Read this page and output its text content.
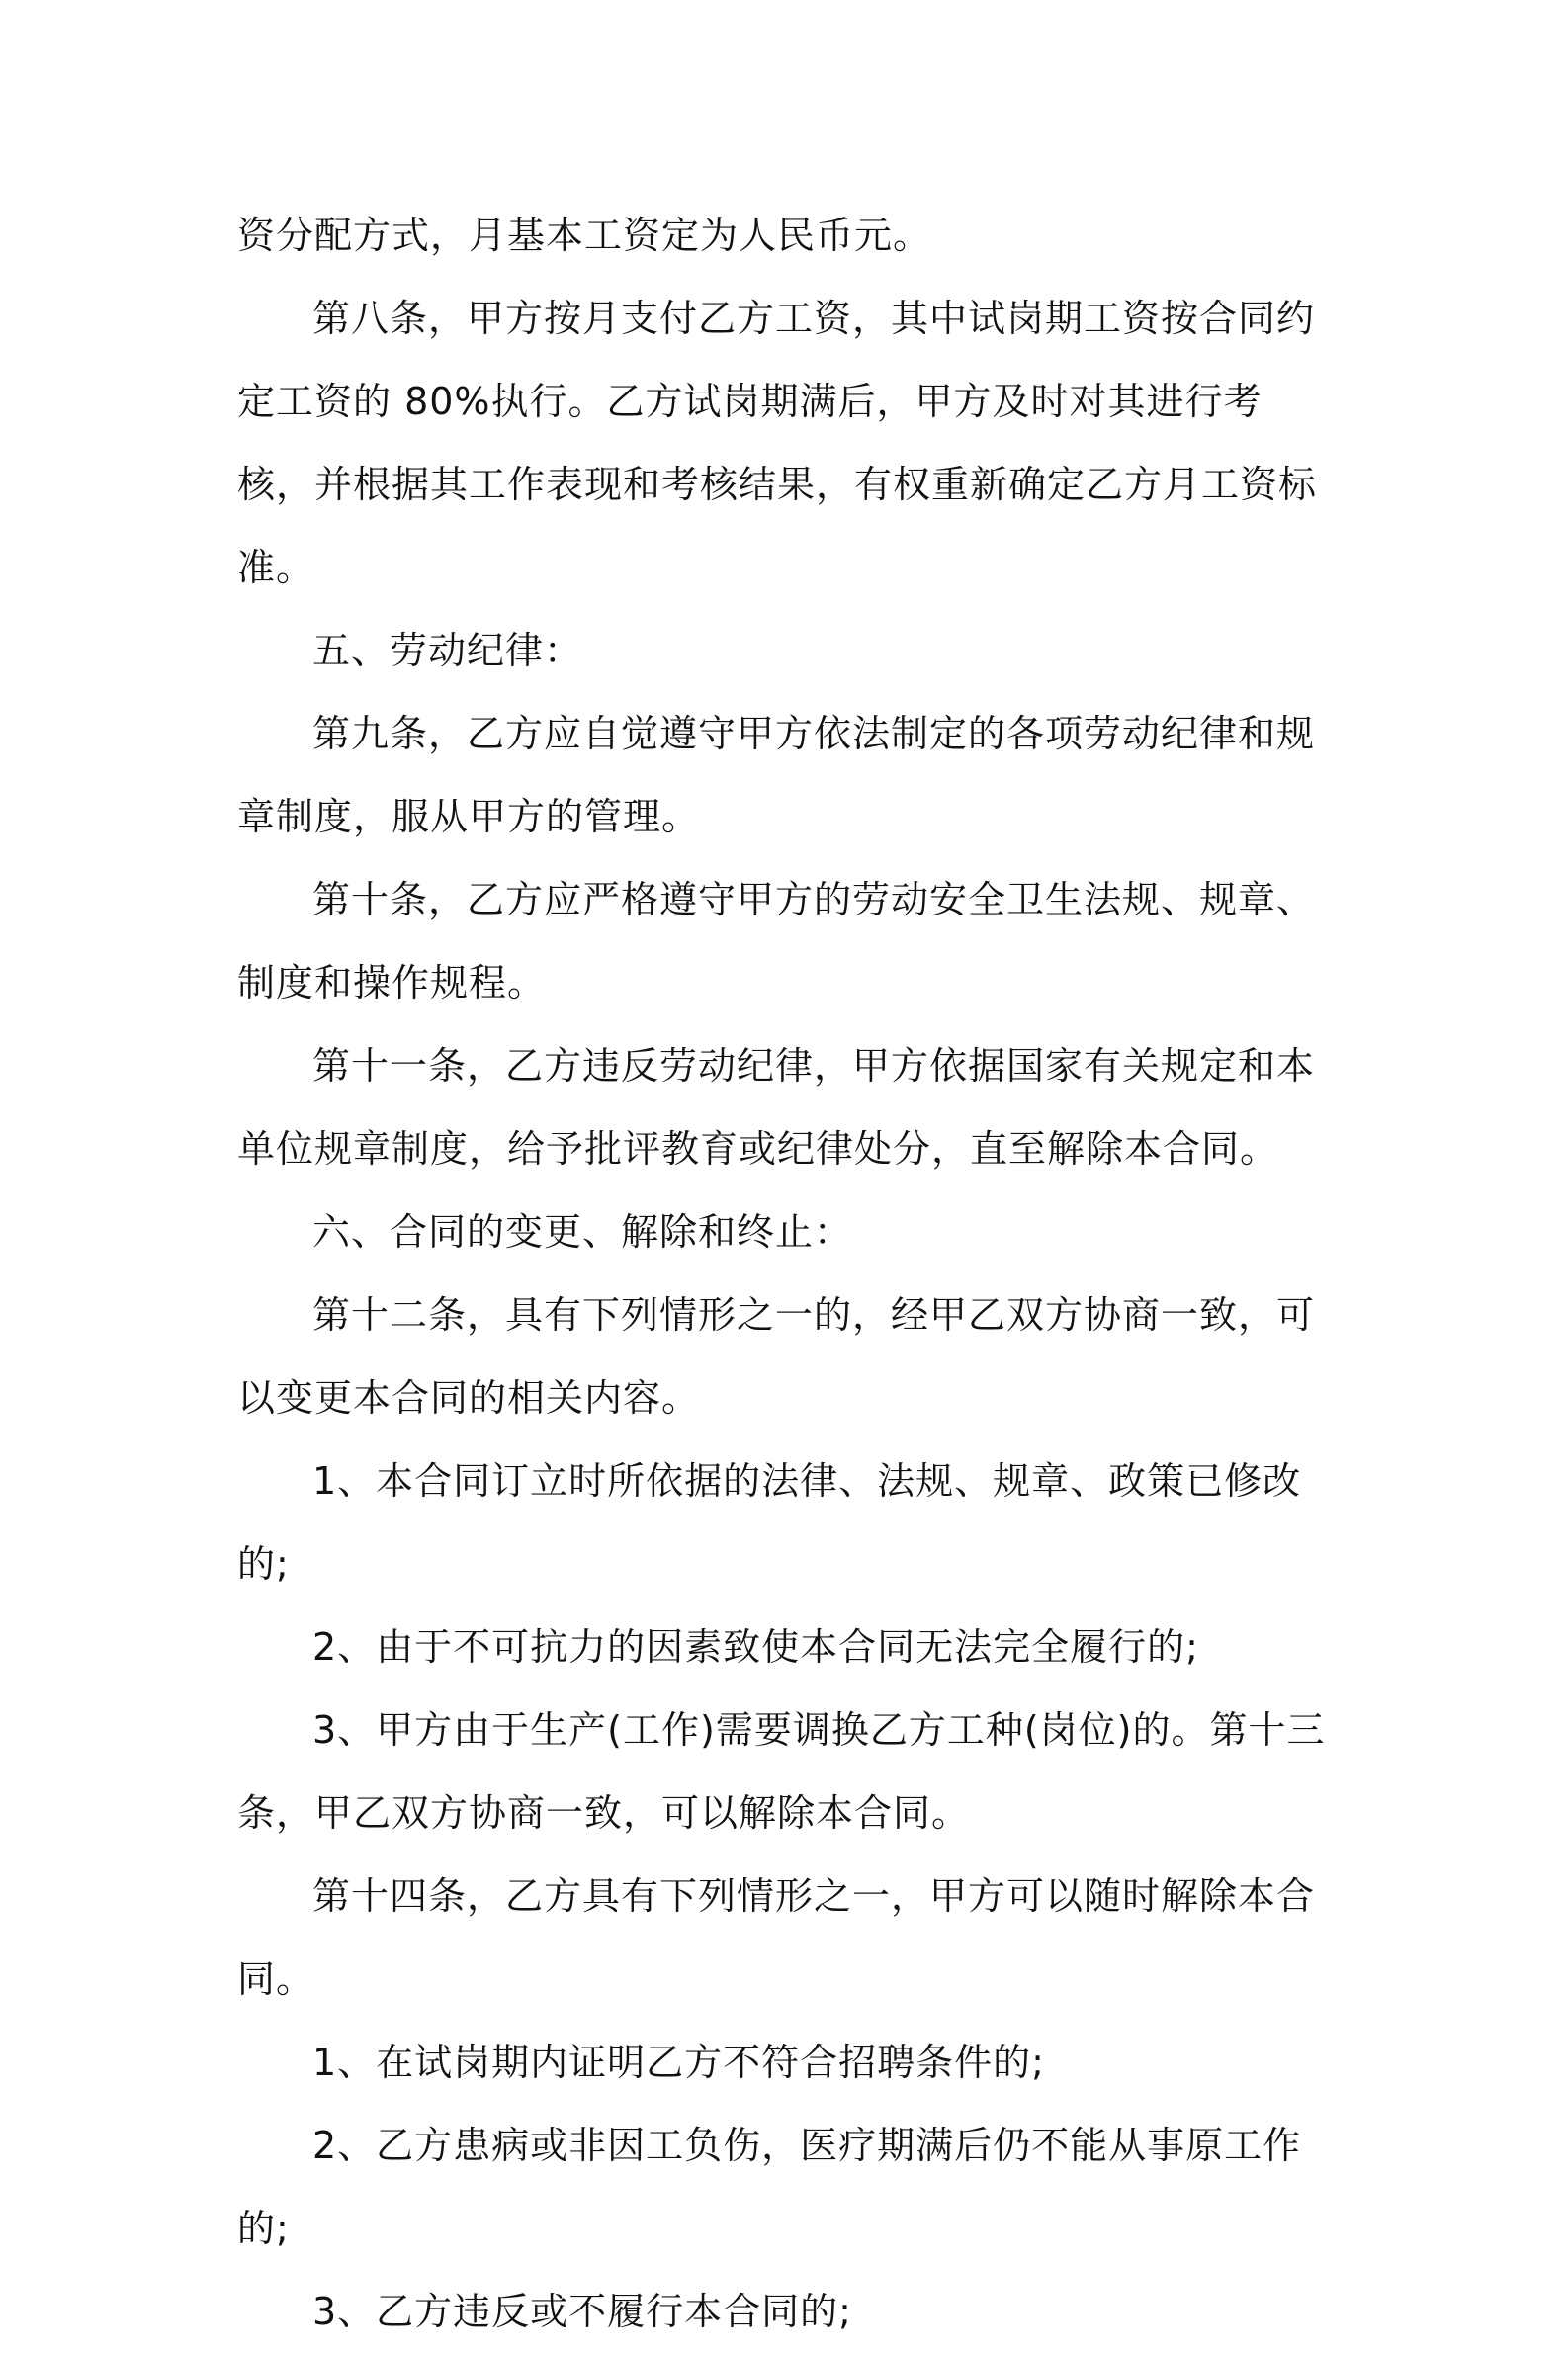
资分配方式，月基本工资定为人民币元。

第八条，甲方按月支付乙方工资，其中试岗期工资按合同约定工资的 80%执行。乙方试岗期满后，甲方及时对其进行考核，并根据其工作表现和考核结果，有权重新确定乙方月工资标准。

五、劳动纪律：

第九条，乙方应自觉遵守甲方依法制定的各项劳动纪律和规章制度，服从甲方的管理。

第十条，乙方应严格遵守甲方的劳动安全卫生法规、规章、制度和操作规程。

第十一条，乙方违反劳动纪律，甲方依据国家有关规定和本单位规章制度，给予批评教育或纪律处分，直至解除本合同。

六、合同的变更、解除和终止：

第十二条，具有下列情形之一的，经甲乙双方协商一致，可以变更本合同的相关内容。

1、本合同订立时所依据的法律、法规、规章、政策已修改的;

2、由于不可抗力的因素致使本合同无法完全履行的;

3、甲方由于生产(工作)需要调换乙方工种(岗位)的。第十三条，甲乙双方协商一致，可以解除本合同。

第十四条，乙方具有下列情形之一，甲方可以随时解除本合同。

1、在试岗期内证明乙方不符合招聘条件的;

2、乙方患病或非因工负伤，医疗期满后仍不能从事原工作的;

3、乙方违反或不履行本合同的;
